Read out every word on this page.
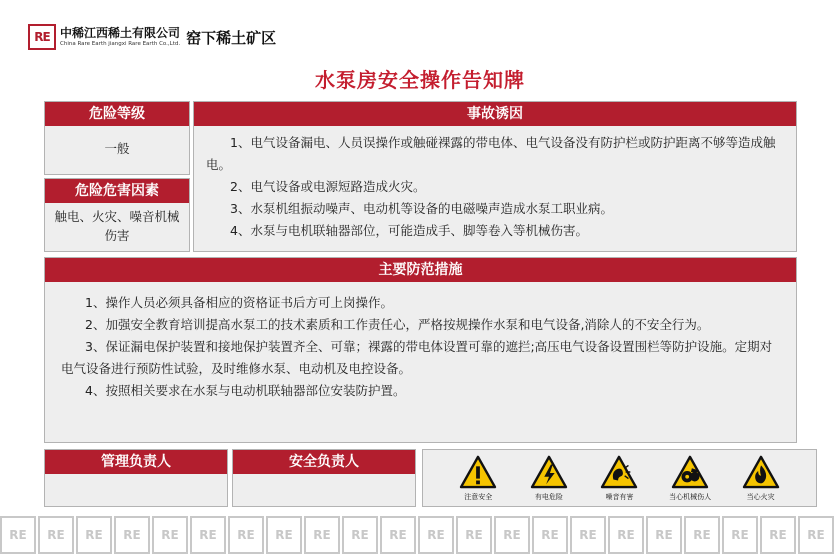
RE 中稀江西稀土有限公司
China Rare Earth jiangxi Rare Earth Co.,Ltd. 窑下稀土矿区
水泵房安全操作告知牌
危险等级
一般
危险危害因素
触电、火灾、噪音机械伤害
事故诱因

1、电气设备漏电、人员误操作或触碰裸露的带电体、电气设备没有防护栏或防护距离不够等造成触电。

2、电气设备或电源短路造成火灾。

3、水泵机组振动噪声、电动机等设备的电磁噪声造成水泵工职业病。

4、水泵与电机联轴器部位，可能造成手、脚等卷入等机械伤害。

主要防范措施

1、操作人员必须具备相应的资格证书后方可上岗操作。

2、加强安全教育培训提高水泵工的技术素质和工作责任心，严格按规操作水泵和电气设备,消除人的不安全行为。

3、保证漏电保护装置和接地保护装置齐全、可靠；裸露的带电体设置可靠的遮拦;高压电气设备设置围栏等防护设施。定期对电气设备进行预防性试验，及时维修水泵、电动机及电控设备。

4、按照相关要求在水泵与电动机联轴器部位安装防护置。

管理负责人	安全负责人
注意安全	有电危险	噪音有害	当心机械伤人	当心火灾
RE	RE	RE	RE	RE	RE	RE	RE	RE	RE	RE	RE	RE	RE	RE	RE	RE	RE	RE	RE	RE	RE
